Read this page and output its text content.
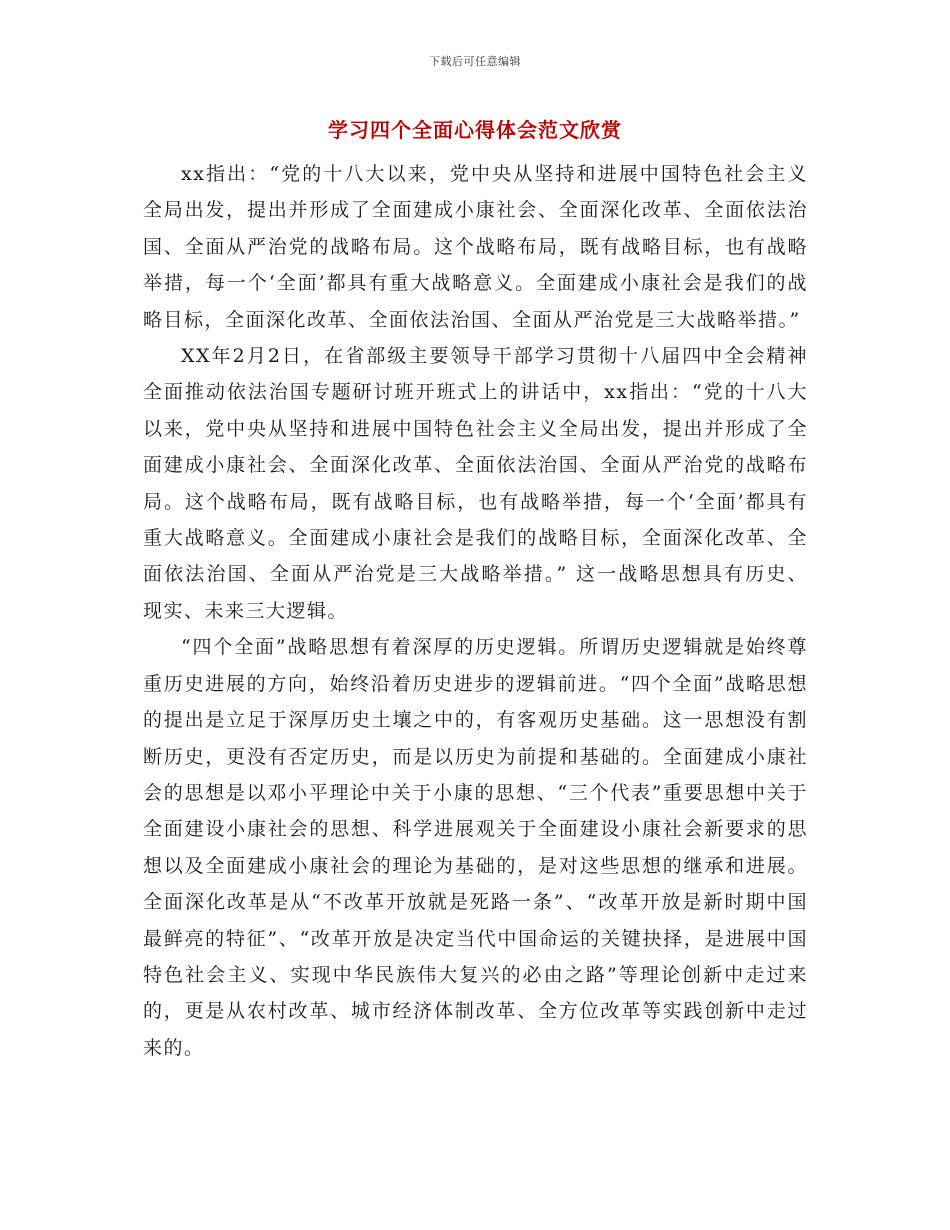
下载后可任意编辑
学习四个全面心得体会范文欣赏

xx指出：“党的十八大以来，党中央从坚持和进展中国特色社会主义全局出发，提出并形成了全面建成小康社会、全面深化改革、全面依法治国、全面从严治党的战略布局。这个战略布局，既有战略目标，也有战略举措，每一个‘全面’都具有重大战略意义。全面建成小康社会是我们的战略目标，全面深化改革、全面依法治国、全面从严治党是三大战略举措。”

XX年2月2日，在省部级主要领导干部学习贯彻十八届四中全会精神全面推动依法治国专题研讨班开班式上的讲话中，xx指出：“党的十八大以来，党中央从坚持和进展中国特色社会主义全局出发，提出并形成了全面建成小康社会、全面深化改革、全面依法治国、全面从严治党的战略布局。这个战略布局，既有战略目标，也有战略举措，每一个‘全面’都具有重大战略意义。全面建成小康社会是我们的战略目标，全面深化改革、全面依法治国、全面从严治党是三大战略举措。” 这一战略思想具有历史、现实、未来三大逻辑。

“四个全面”战略思想有着深厚的历史逻辑。所谓历史逻辑就是始终尊重历史进展的方向，始终沿着历史进步的逻辑前进。“四个全面”战略思想的提出是立足于深厚历史土壤之中的，有客观历史基础。这一思想没有割断历史，更没有否定历史，而是以历史为前提和基础的。全面建成小康社会的思想是以邓小平理论中关于小康的思想、“三个代表”重要思想中关于全面建设小康社会的思想、科学进展观关于全面建设小康社会新要求的思想以及全面建成小康社会的理论为基础的，是对这些思想的继承和进展。全面深化改革是从“不改革开放就是死路一条”、“改革开放是新时期中国最鲜亮的特征”、“改革开放是决定当代中国命运的关键抉择，是进展中国特色社会主义、实现中华民族伟大复兴的必由之路”等理论创新中走过来的，更是从农村改革、城市经济体制改革、全方位改革等实践创新中走过来的。
